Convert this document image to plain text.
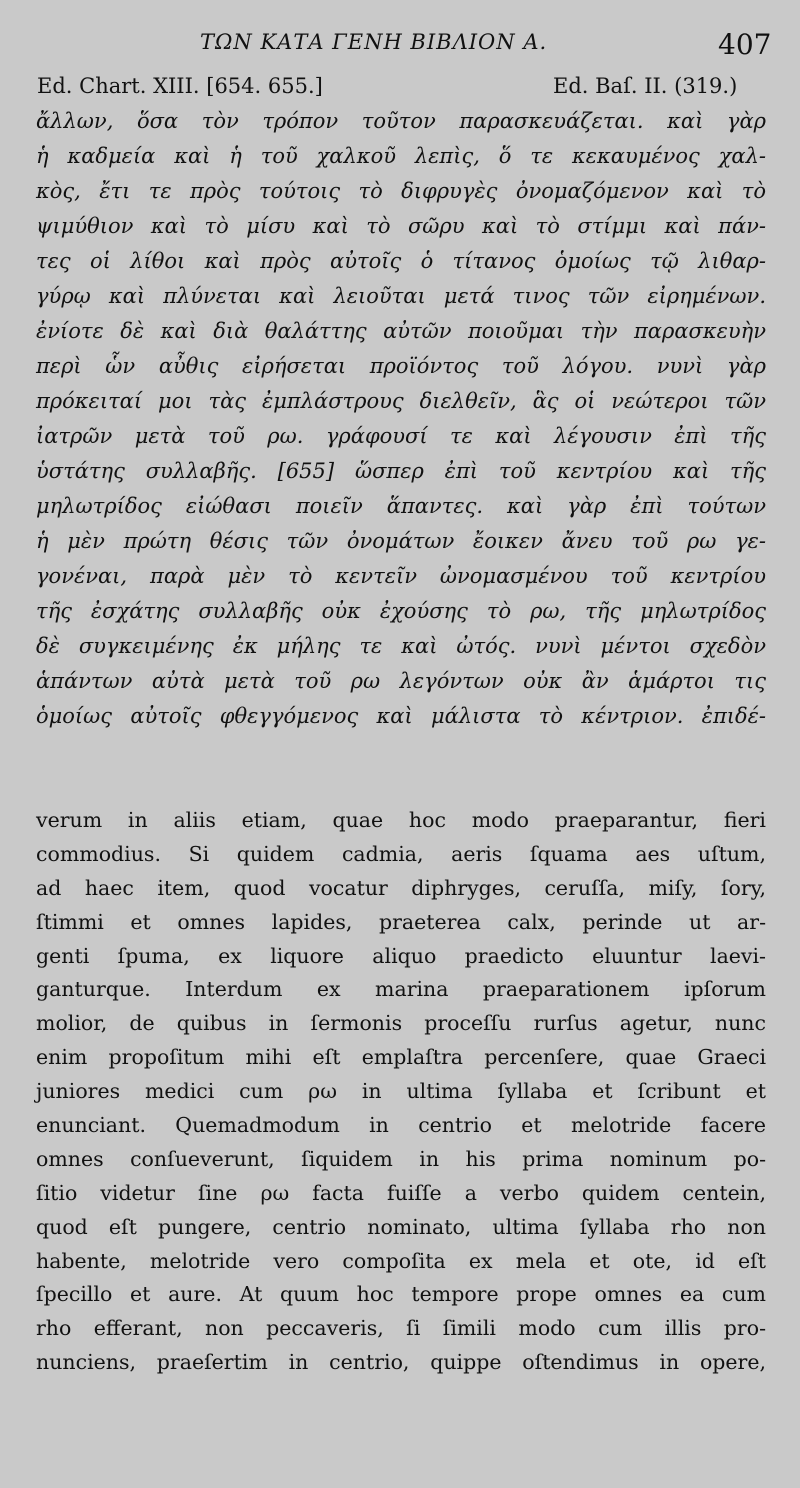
ΤΩΝ ΚΑΤΑ ΓΕΝΗ ΒΙΒΛΙΟΝ Α.	407
Ed. Chart. XIII. [654. 655.]	Ed. Baſ. II. (319.)
ἄλλων, ὅσα τὸν τρόπον τοῦτον παρασκευάζεται. καὶ γὰρ
ἡ καδμεία καὶ ἡ τοῦ χαλκοῦ λεπὶς, ὅ τε κεκαυμένος χαλ-
κὸς, ἔτι τε πρὸς τούτοις τὸ διφρυγὲς ὀνομαζόμενον καὶ τὸ
ψιμύθιον καὶ τὸ μίσυ καὶ τὸ σῶρυ καὶ τὸ στίμμι καὶ πάν-
τες οἱ λίθοι καὶ πρὸς αὐτοῖς ὁ τίτανος ὁμοίως τῷ λιθαρ-
γύρῳ καὶ πλύνεται καὶ λειοῦται μετά τινος τῶν εἰρημένων.
ἐνίοτε δὲ καὶ διὰ θαλάττης αὐτῶν ποιοῦμαι τὴν παρασκευὴν
περὶ ὧν αὖθις εἰρήσεται προϊόντος τοῦ λόγου. νυνὶ γὰρ
πρόκειταί μοι τὰς ἐμπλάστρους διελθεῖν, ἃς οἱ νεώτεροι τῶν
ἰατρῶν μετὰ τοῦ ρω. γράφουσί τε καὶ λέγουσιν ἐπὶ τῆς
ὑστάτης συλλαβῆς. [655] ὥσπερ ἐπὶ τοῦ κεντρίου καὶ τῆς
μηλωτρίδος εἰώθασι ποιεῖν ἅπαντες. καὶ γὰρ ἐπὶ τούτων
ἡ μὲν πρώτη θέσις τῶν ὀνομάτων ἔοικεν ἄνευ τοῦ ρω γε-
γονέναι, παρὰ μὲν τὸ κεντεῖν ὠνομασμένου τοῦ κεντρίου
τῆς ἐσχάτης συλλαβῆς οὐκ ἐχούσης τὸ ρω, τῆς μηλωτρίδος
δὲ συγκειμένης ἐκ μήλης τε καὶ ὠτός. νυνὶ μέντοι σχεδὸν
ἁπάντων αὐτὰ μετὰ τοῦ ρω λεγόντων οὐκ ἂν ἁμάρτοι τις
ὁμοίως αὐτοῖς φθεγγόμενος καὶ μάλιστα τὸ κέντριον. ἐπιδέ-
verum in aliis etiam, quae hoc modo praeparantur, fieri
commodius. Si quidem cadmia, aeris ſquama aes uſtum,
ad haec item, quod vocatur diphryges, ceruſſa, miſy, ſory,
ſtimmi et omnes lapides, praeterea calx, perinde ut ar-
genti ſpuma, ex liquore aliquo praedicto eluuntur laevi-
ganturque. Interdum ex marina praeparationem ipſorum
molior, de quibus in ſermonis proceſſu rurſus agetur, nunc
enim propoſitum mihi eſt emplaſtra percenſere, quae Graeci
juniores medici cum ρω in ultima ſyllaba et ſcribunt et
enunciant. Quemadmodum in centrio et melotride facere
omnes conſueverunt, ſiquidem in his prima nominum po-
ſitio videtur ſine ρω facta fuiſſe a verbo quidem centein,
quod eſt pungere, centrio nominato, ultima ſyllaba rho non
habente, melotride vero compoſita ex mela et ote, id eſt
ſpecillo et aure. At quum hoc tempore prope omnes ea cum
rho efferant, non peccaveris, ſi ſimili modo cum illis pro-
nunciens, praeſertim in centrio, quippe oſtendimus in opere,
